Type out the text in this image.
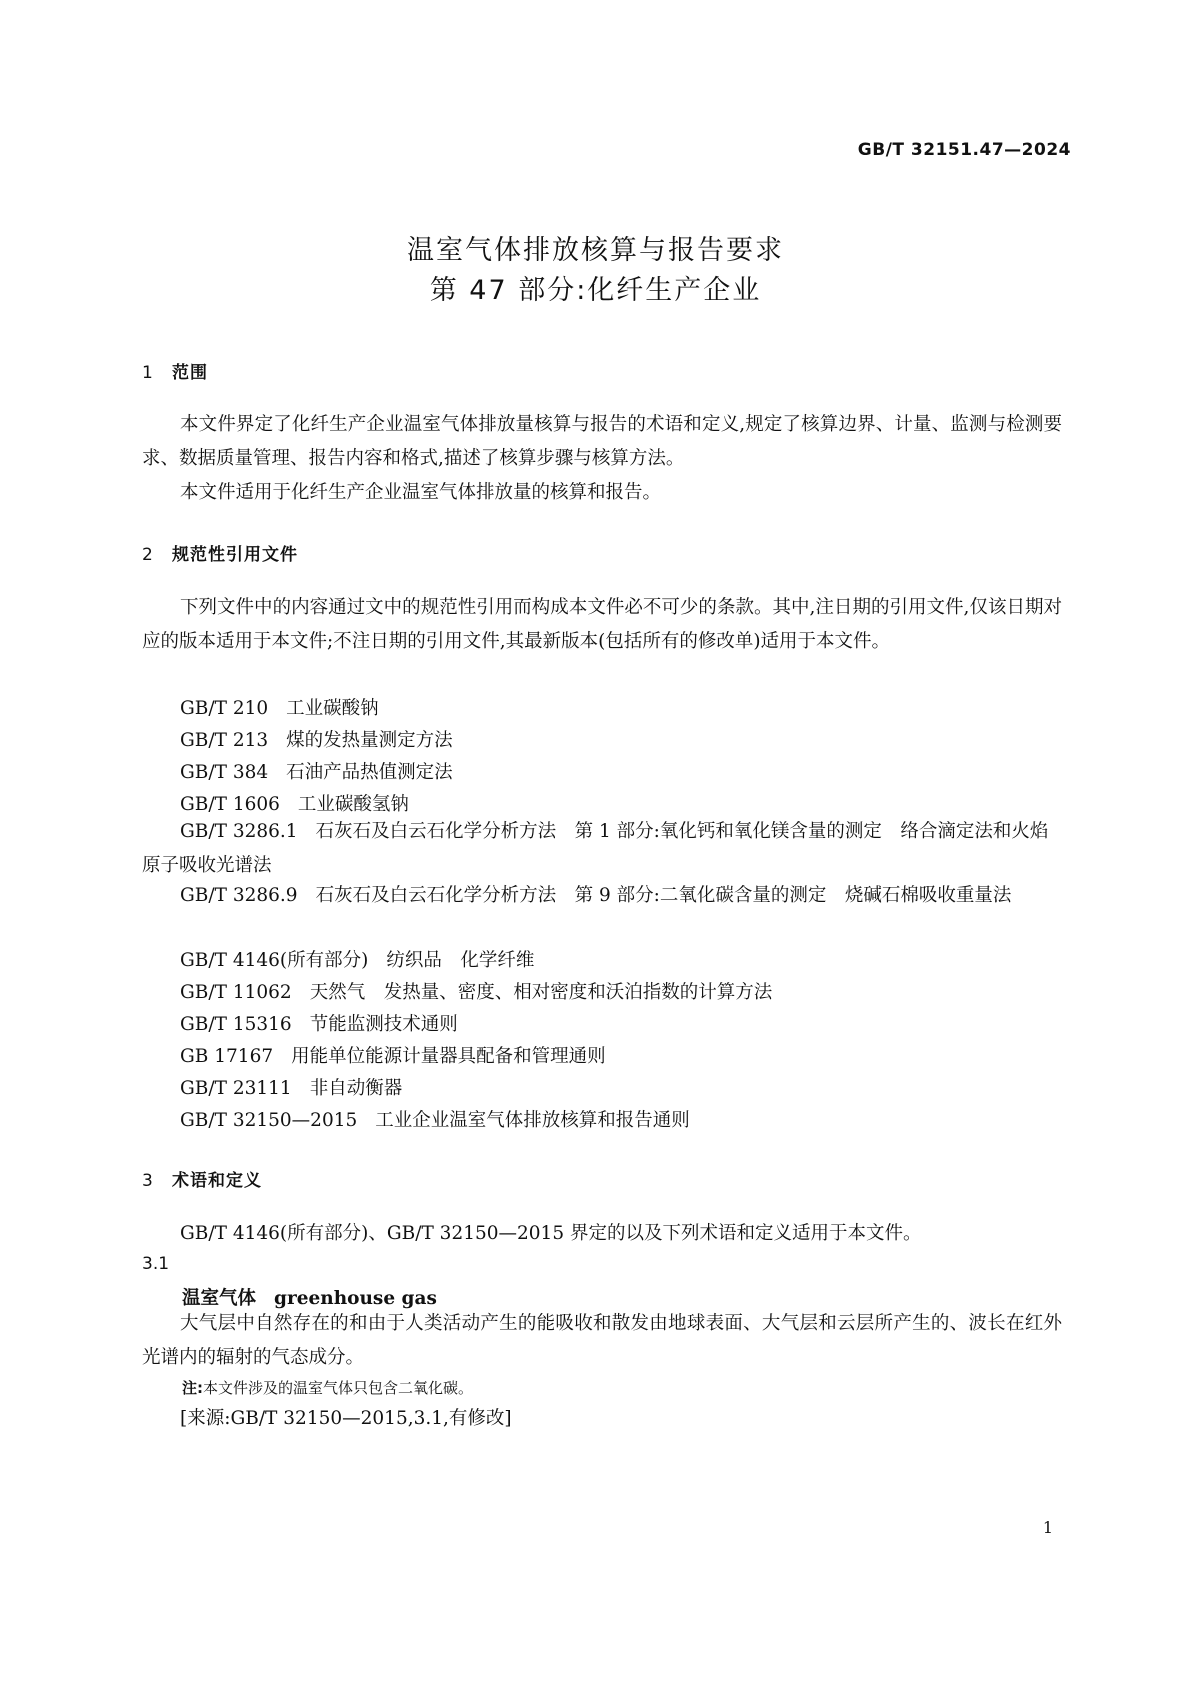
GB/T 32151.47—2024
温室气体排放核算与报告要求
第 47 部分:化纤生产企业
1 范围
本文件界定了化纤生产企业温室气体排放量核算与报告的术语和定义,规定了核算边界、计量、监测与检测要求、数据质量管理、报告内容和格式,描述了核算步骤与核算方法。
本文件适用于化纤生产企业温室气体排放量的核算和报告。
2 规范性引用文件
下列文件中的内容通过文中的规范性引用而构成本文件必不可少的条款。其中,注日期的引用文件,仅该日期对应的版本适用于本文件;不注日期的引用文件,其最新版本(包括所有的修改单)适用于本文件。
GB/T 210 工业碳酸钠
GB/T 213 煤的发热量测定方法
GB/T 384 石油产品热值测定法
GB/T 1606 工业碳酸氢钠
GB/T 3286.1 石灰石及白云石化学分析方法　第 1 部分:氧化钙和氧化镁含量的测定　络合滴定法和火焰原子吸收光谱法
GB/T 3286.9 石灰石及白云石化学分析方法　第 9 部分:二氧化碳含量的测定　烧碱石棉吸收重量法
GB/T 4146(所有部分) 纺织品　化学纤维
GB/T 11062 天然气　发热量、密度、相对密度和沃泊指数的计算方法
GB/T 15316 节能监测技术通则
GB 17167 用能单位能源计量器具配备和管理通则
GB/T 23111 非自动衡器
GB/T 32150—2015 工业企业温室气体排放核算和报告通则
3 术语和定义
GB/T 4146(所有部分)、GB/T 32150—2015 界定的以及下列术语和定义适用于本文件。
3.1
温室气体 greenhouse gas
大气层中自然存在的和由于人类活动产生的能吸收和散发由地球表面、大气层和云层所产生的、波长在红外光谱内的辐射的气态成分。
注:本文件涉及的温室气体只包含二氧化碳。
[来源:GB/T 32150—2015,3.1,有修改]
1
